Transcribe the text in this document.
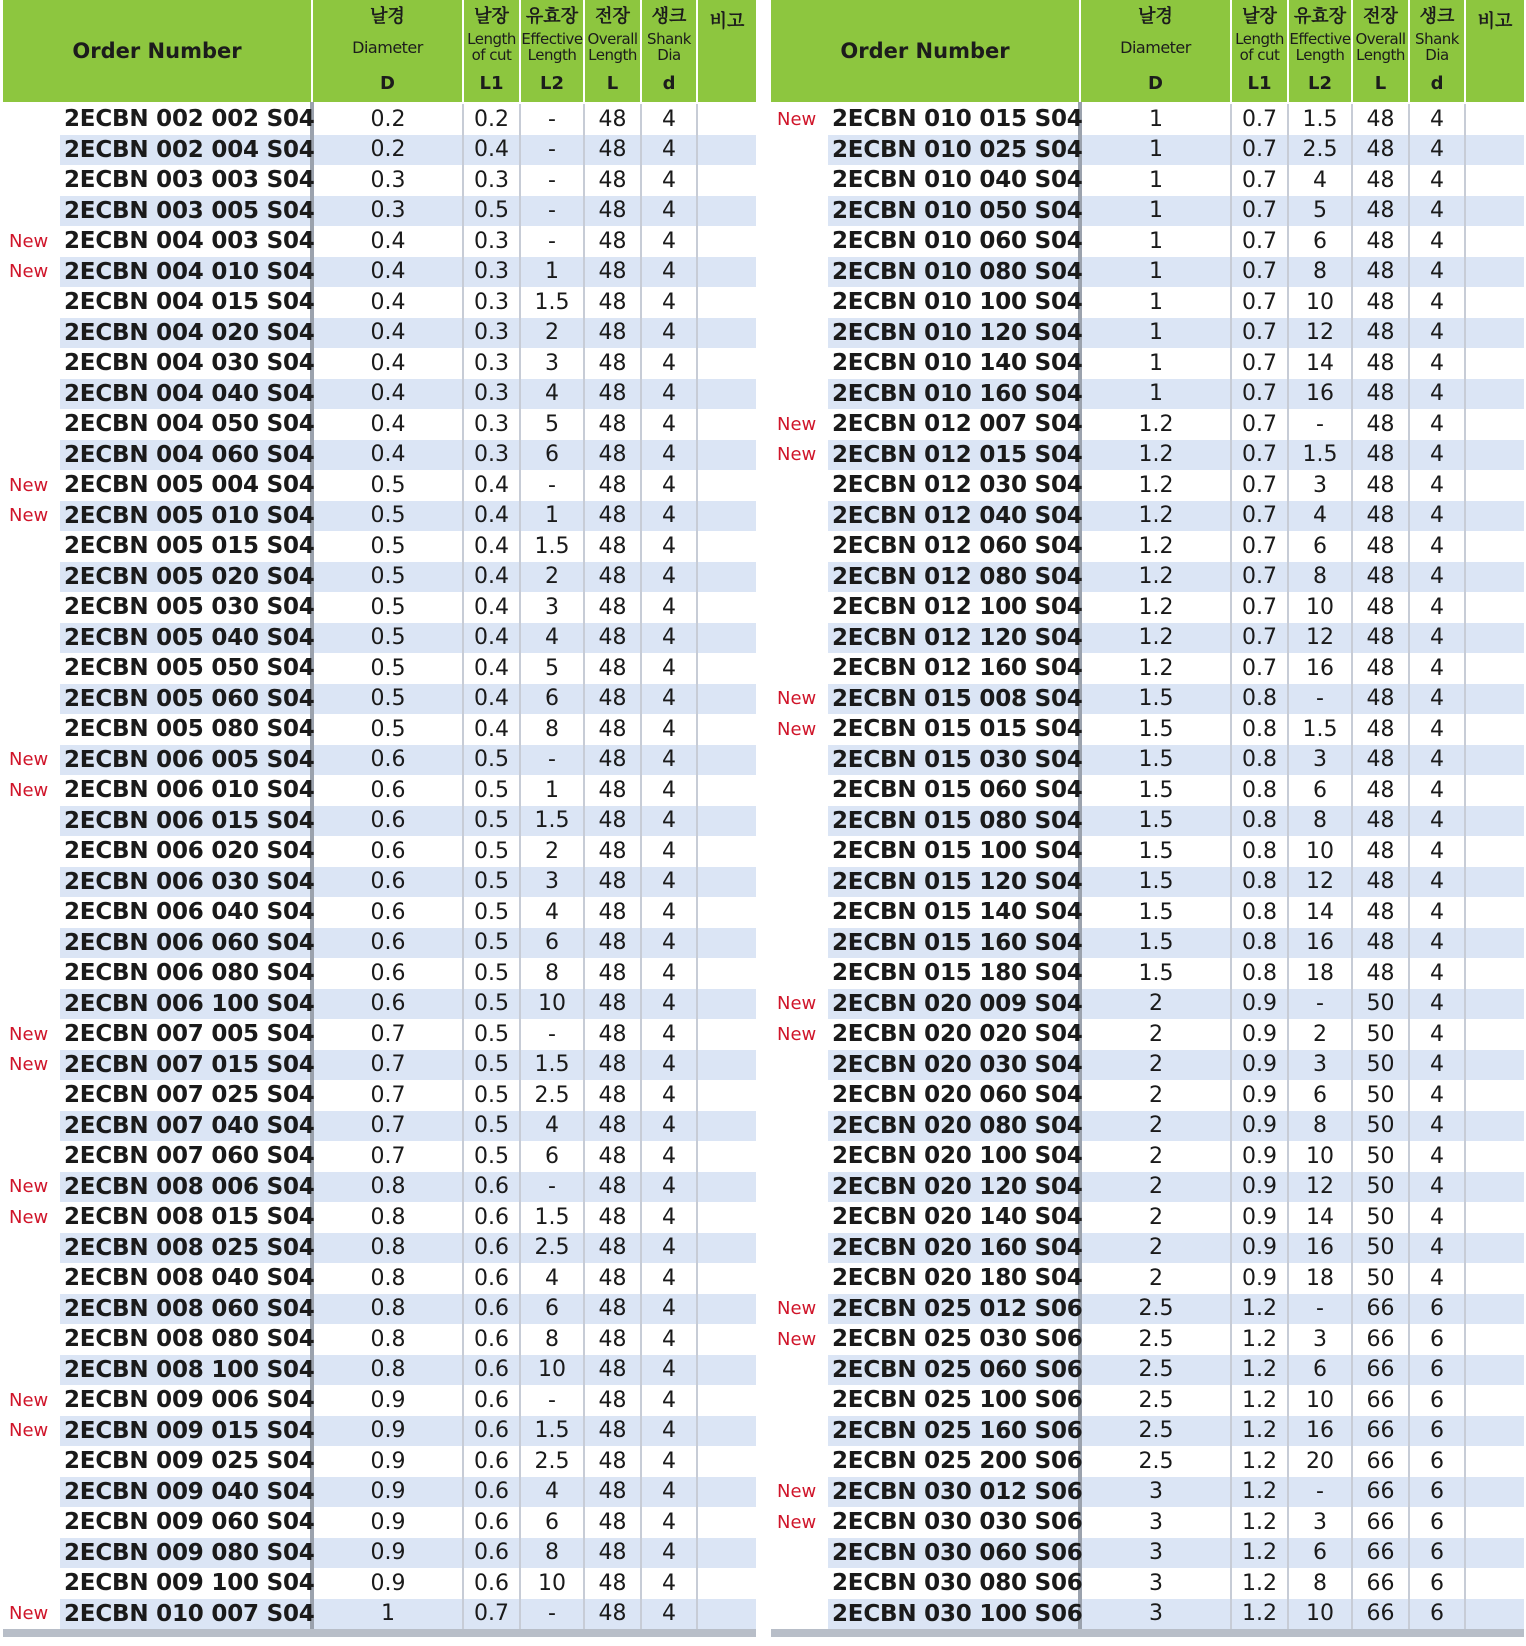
Order Number		날경
Diameter
D	날장
Length
of cut
L1	유효장
Effective
Length
L2	전장
Overall
Length
L	생크
Shank
Dia
d	비고

	2ECBN 002 002 S04	0.2	0.2	-	48	4	
	2ECBN 002 004 S04	0.2	0.4	-	48	4	
	2ECBN 003 003 S04	0.3	0.3	-	48	4	
	2ECBN 003 005 S04	0.3	0.5	-	48	4	
New	2ECBN 004 003 S04	0.4	0.3	-	48	4	
New	2ECBN 004 010 S04	0.4	0.3	1	48	4	
	2ECBN 004 015 S04	0.4	0.3	1.5	48	4	
	2ECBN 004 020 S04	0.4	0.3	2	48	4	
	2ECBN 004 030 S04	0.4	0.3	3	48	4	
	2ECBN 004 040 S04	0.4	0.3	4	48	4	
	2ECBN 004 050 S04	0.4	0.3	5	48	4	
	2ECBN 004 060 S04	0.4	0.3	6	48	4	
New	2ECBN 005 004 S04	0.5	0.4	-	48	4	
New	2ECBN 005 010 S04	0.5	0.4	1	48	4	
	2ECBN 005 015 S04	0.5	0.4	1.5	48	4	
	2ECBN 005 020 S04	0.5	0.4	2	48	4	
	2ECBN 005 030 S04	0.5	0.4	3	48	4	
	2ECBN 005 040 S04	0.5	0.4	4	48	4	
	2ECBN 005 050 S04	0.5	0.4	5	48	4	
	2ECBN 005 060 S04	0.5	0.4	6	48	4	
	2ECBN 005 080 S04	0.5	0.4	8	48	4	
New	2ECBN 006 005 S04	0.6	0.5	-	48	4	
New	2ECBN 006 010 S04	0.6	0.5	1	48	4	
	2ECBN 006 015 S04	0.6	0.5	1.5	48	4	
	2ECBN 006 020 S04	0.6	0.5	2	48	4	
	2ECBN 006 030 S04	0.6	0.5	3	48	4	
	2ECBN 006 040 S04	0.6	0.5	4	48	4	
	2ECBN 006 060 S04	0.6	0.5	6	48	4	
	2ECBN 006 080 S04	0.6	0.5	8	48	4	
	2ECBN 006 100 S04	0.6	0.5	10	48	4	
New	2ECBN 007 005 S04	0.7	0.5	-	48	4	
New	2ECBN 007 015 S04	0.7	0.5	1.5	48	4	
	2ECBN 007 025 S04	0.7	0.5	2.5	48	4	
	2ECBN 007 040 S04	0.7	0.5	4	48	4	
	2ECBN 007 060 S04	0.7	0.5	6	48	4	
New	2ECBN 008 006 S04	0.8	0.6	-	48	4	
New	2ECBN 008 015 S04	0.8	0.6	1.5	48	4	
	2ECBN 008 025 S04	0.8	0.6	2.5	48	4	
	2ECBN 008 040 S04	0.8	0.6	4	48	4	
	2ECBN 008 060 S04	0.8	0.6	6	48	4	
	2ECBN 008 080 S04	0.8	0.6	8	48	4	
	2ECBN 008 100 S04	0.8	0.6	10	48	4	
New	2ECBN 009 006 S04	0.9	0.6	-	48	4	
New	2ECBN 009 015 S04	0.9	0.6	1.5	48	4	
	2ECBN 009 025 S04	0.9	0.6	2.5	48	4	
	2ECBN 009 040 S04	0.9	0.6	4	48	4	
	2ECBN 009 060 S04	0.9	0.6	6	48	4	
	2ECBN 009 080 S04	0.9	0.6	8	48	4	
	2ECBN 009 100 S04	0.9	0.6	10	48	4	
New	2ECBN 010 007 S04	1	0.7	-	48	4	
Order Number		날경
Diameter
D	날장
Length
of cut
L1	유효장
Effective
Length
L2	전장
Overall
Length
L	생크
Shank
Dia
d	비고

New	2ECBN 010 015 S04	1	0.7	1.5	48	4	
	2ECBN 010 025 S04	1	0.7	2.5	48	4	
	2ECBN 010 040 S04	1	0.7	4	48	4	
	2ECBN 010 050 S04	1	0.7	5	48	4	
	2ECBN 010 060 S04	1	0.7	6	48	4	
	2ECBN 010 080 S04	1	0.7	8	48	4	
	2ECBN 010 100 S04	1	0.7	10	48	4	
	2ECBN 010 120 S04	1	0.7	12	48	4	
	2ECBN 010 140 S04	1	0.7	14	48	4	
	2ECBN 010 160 S04	1	0.7	16	48	4	
New	2ECBN 012 007 S04	1.2	0.7	-	48	4	
New	2ECBN 012 015 S04	1.2	0.7	1.5	48	4	
	2ECBN 012 030 S04	1.2	0.7	3	48	4	
	2ECBN 012 040 S04	1.2	0.7	4	48	4	
	2ECBN 012 060 S04	1.2	0.7	6	48	4	
	2ECBN 012 080 S04	1.2	0.7	8	48	4	
	2ECBN 012 100 S04	1.2	0.7	10	48	4	
	2ECBN 012 120 S04	1.2	0.7	12	48	4	
	2ECBN 012 160 S04	1.2	0.7	16	48	4	
New	2ECBN 015 008 S04	1.5	0.8	-	48	4	
New	2ECBN 015 015 S04	1.5	0.8	1.5	48	4	
	2ECBN 015 030 S04	1.5	0.8	3	48	4	
	2ECBN 015 060 S04	1.5	0.8	6	48	4	
	2ECBN 015 080 S04	1.5	0.8	8	48	4	
	2ECBN 015 100 S04	1.5	0.8	10	48	4	
	2ECBN 015 120 S04	1.5	0.8	12	48	4	
	2ECBN 015 140 S04	1.5	0.8	14	48	4	
	2ECBN 015 160 S04	1.5	0.8	16	48	4	
	2ECBN 015 180 S04	1.5	0.8	18	48	4	
New	2ECBN 020 009 S04	2	0.9	-	50	4	
New	2ECBN 020 020 S04	2	0.9	2	50	4	
	2ECBN 020 030 S04	2	0.9	3	50	4	
	2ECBN 020 060 S04	2	0.9	6	50	4	
	2ECBN 020 080 S04	2	0.9	8	50	4	
	2ECBN 020 100 S04	2	0.9	10	50	4	
	2ECBN 020 120 S04	2	0.9	12	50	4	
	2ECBN 020 140 S04	2	0.9	14	50	4	
	2ECBN 020 160 S04	2	0.9	16	50	4	
	2ECBN 020 180 S04	2	0.9	18	50	4	
New	2ECBN 025 012 S06	2.5	1.2	-	66	6	
New	2ECBN 025 030 S06	2.5	1.2	3	66	6	
	2ECBN 025 060 S06	2.5	1.2	6	66	6	
	2ECBN 025 100 S06	2.5	1.2	10	66	6	
	2ECBN 025 160 S06	2.5	1.2	16	66	6	
	2ECBN 025 200 S06	2.5	1.2	20	66	6	
New	2ECBN 030 012 S06	3	1.2	-	66	6	
New	2ECBN 030 030 S06	3	1.2	3	66	6	
	2ECBN 030 060 S06	3	1.2	6	66	6	
	2ECBN 030 080 S06	3	1.2	8	66	6	
	2ECBN 030 100 S06	3	1.2	10	66	6	
